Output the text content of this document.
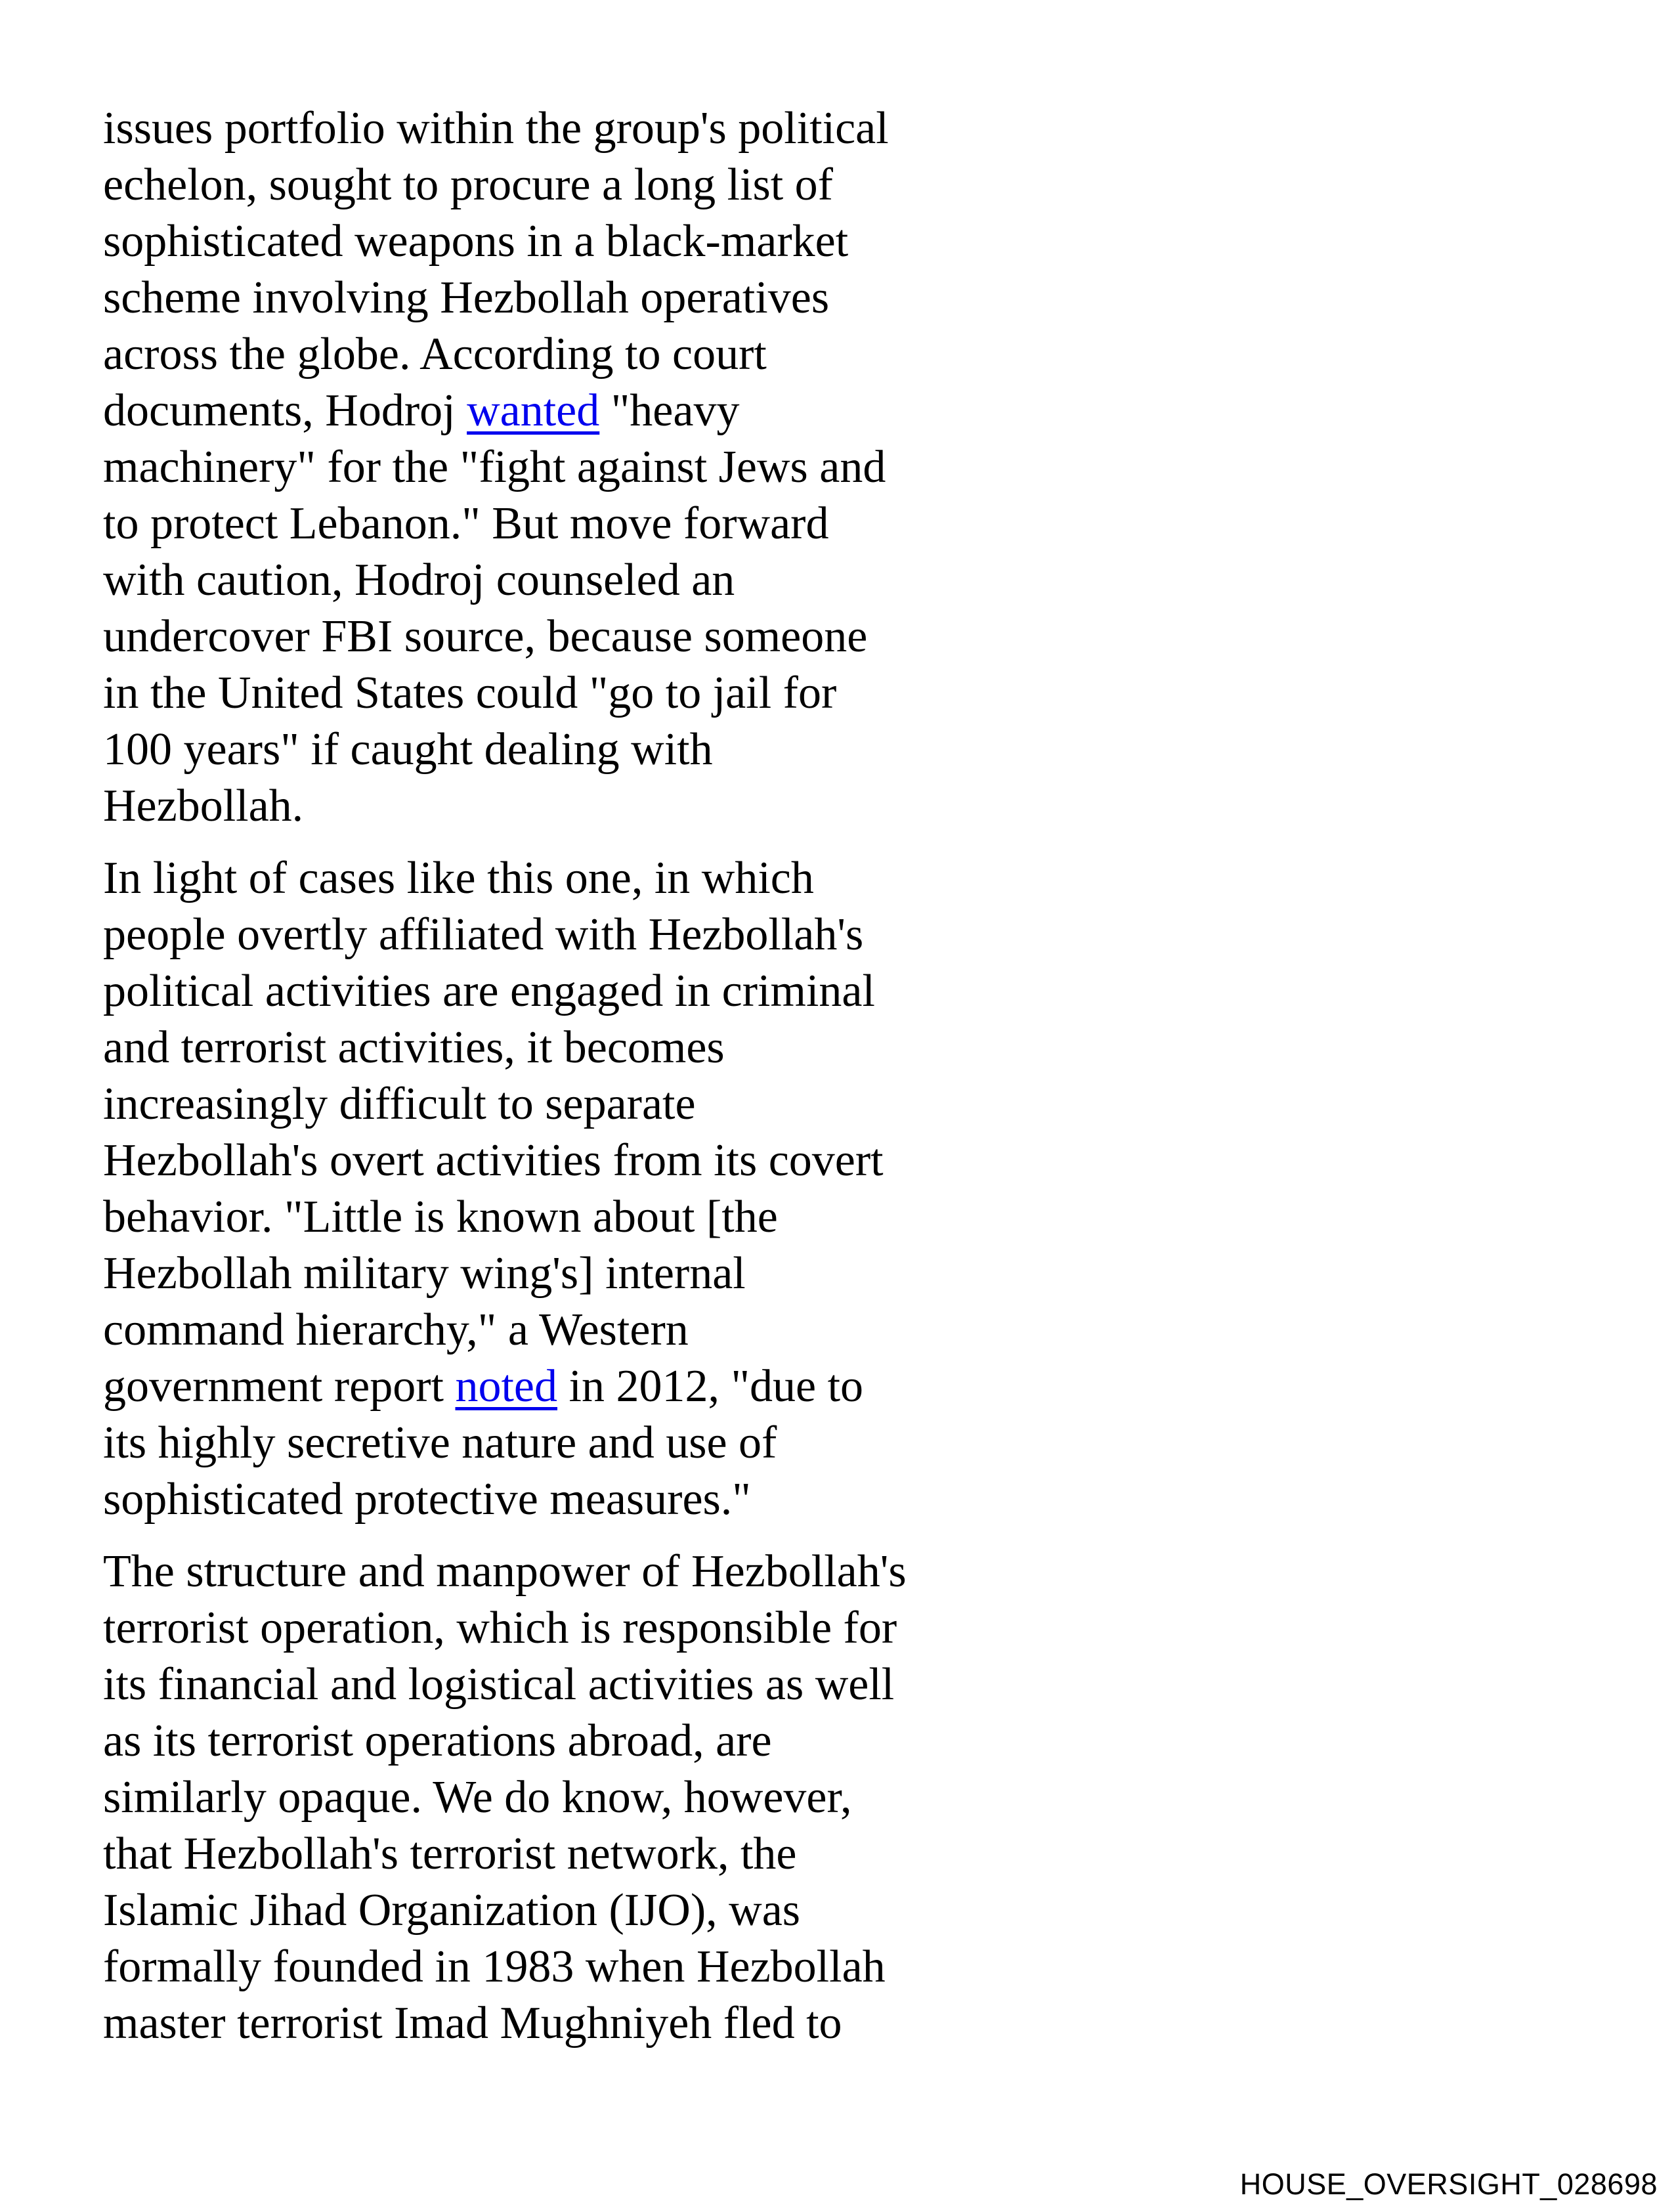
issues portfolio within the group's political
echelon, sought to procure a long list of
sophisticated weapons in a black-market
scheme involving Hezbollah operatives
across the globe. According to court
documents, Hodroj wanted "heavy
machinery" for the "fight against Jews and
to protect Lebanon." But move forward
with caution, Hodroj counseled an
undercover FBI source, because someone
in the United States could "go to jail for
100 years" if caught dealing with
Hezbollah.

In light of cases like this one, in which
people overtly affiliated with Hezbollah's
political activities are engaged in criminal
and terrorist activities, it becomes
increasingly difficult to separate
Hezbollah's overt activities from its covert
behavior. "Little is known about [the
Hezbollah military wing's] internal
command hierarchy," a Western
government report noted in 2012, "due to
its highly secretive nature and use of
sophisticated protective measures."

The structure and manpower of Hezbollah's
terrorist operation, which is responsible for
its financial and logistical activities as well
as its terrorist operations abroad, are
similarly opaque. We do know, however,
that Hezbollah's terrorist network, the
Islamic Jihad Organization (IJO), was
formally founded in 1983 when Hezbollah
master terrorist Imad Mughniyeh fled to

HOUSE_OVERSIGHT_028698
